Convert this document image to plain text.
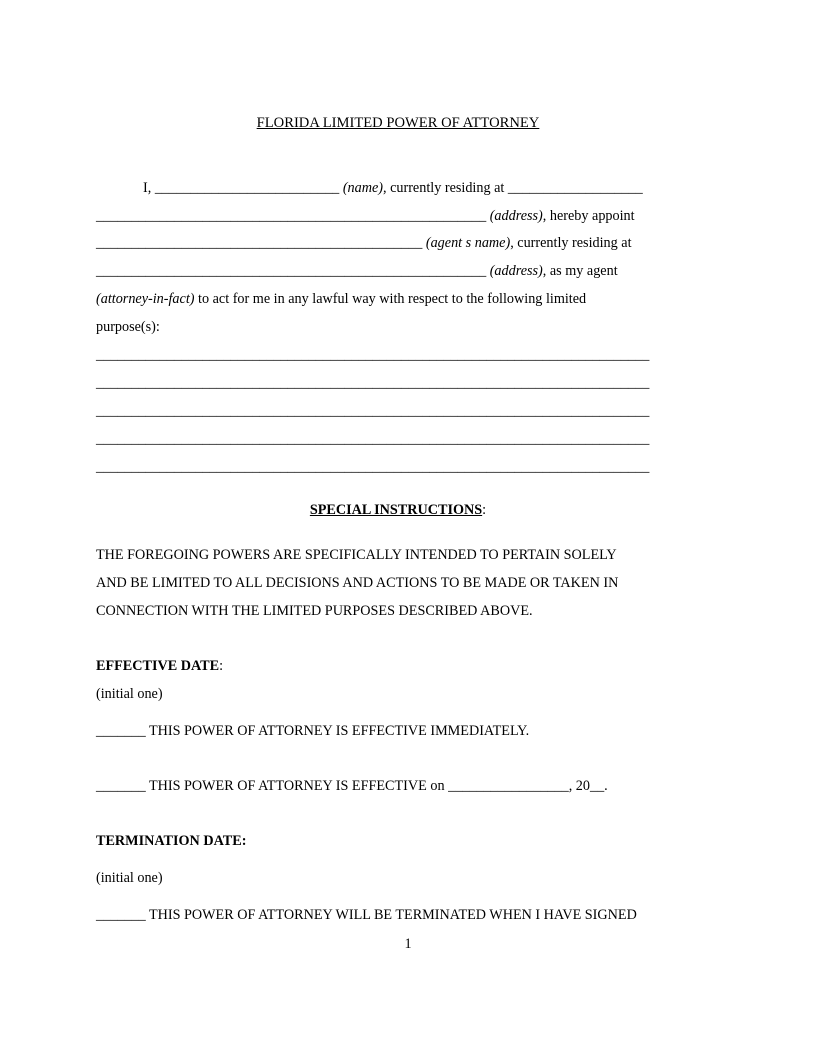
FLORIDA LIMITED POWER OF ATTORNEY
I, __________________________ (name), currently residing at ___________________
_______________________________________________________ (address), hereby appoint
______________________________________________ (agent s name), currently residing at
_______________________________________________________ (address), as my agent
(attorney-in-fact) to act for me in any lawful way with respect to the following limited
purpose(s):
______________________________________________________________________________
______________________________________________________________________________
______________________________________________________________________________
______________________________________________________________________________
______________________________________________________________________________
SPECIAL INSTRUCTIONS:
THE FOREGOING POWERS ARE SPECIFICALLY INTENDED TO PERTAIN SOLELY
AND BE LIMITED TO ALL DECISIONS AND ACTIONS TO BE MADE OR TAKEN IN
CONNECTION WITH THE LIMITED PURPOSES DESCRIBED ABOVE.
EFFECTIVE DATE:
(initial one)
_______ THIS POWER OF ATTORNEY IS EFFECTIVE IMMEDIATELY.
_______ THIS POWER OF ATTORNEY IS EFFECTIVE on _________________, 20__.
TERMINATION DATE:
(initial one)
_______ THIS POWER OF ATTORNEY WILL BE TERMINATED WHEN I HAVE SIGNED
1
